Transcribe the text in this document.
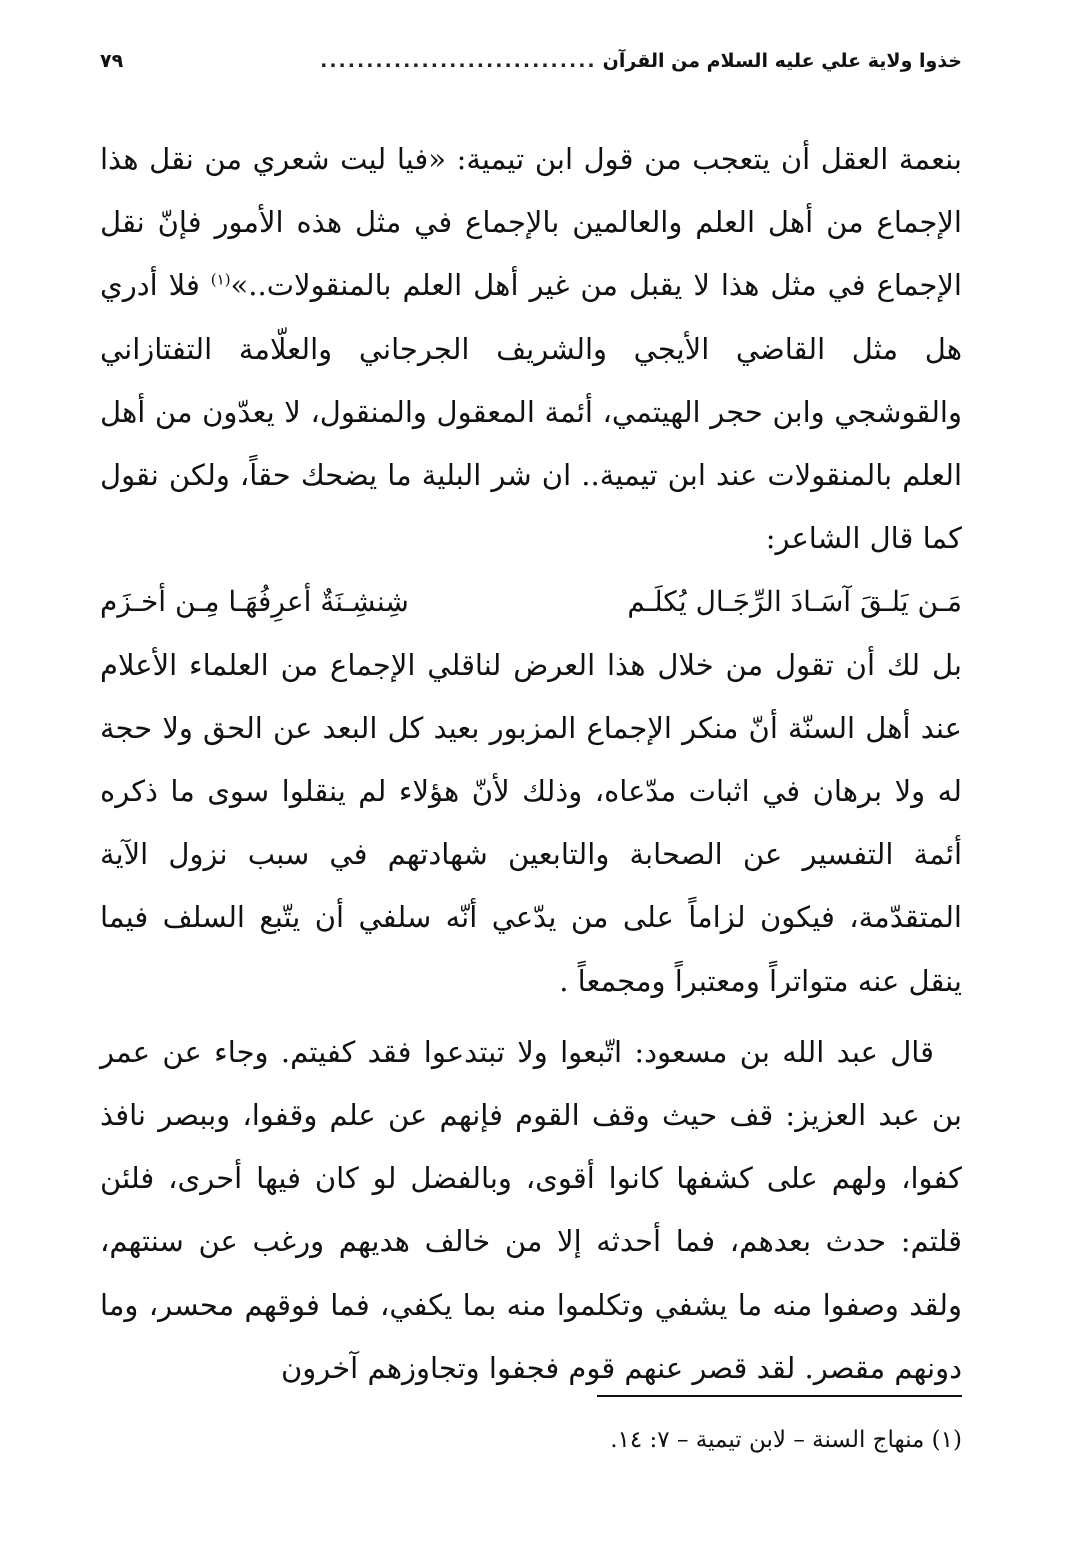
خذوا ولاية علي عليه السلام من القرآن
..............................
٧٩

بنعمة العقل أن يتعجب من قول ابن تيمية: «فيا ليت شعري من نقل هذا الإجماع من أهل العلم والعالمين بالإجماع في مثل هذه الأمور فإنّ نقل الإجماع في مثل هذا لا يقبل من غير أهل العلم بالمنقولات..»$^{(١)}$ فلا أدري هل مثل القاضي الأيجي والشريف الجرجاني والعلّامة التفتازاني والقوشجي وابن حجر الهيتمي، أئمة المعقول والمنقول، لا يعدّون من أهل العلم بالمنقولات عند ابن تيمية.. ان شر البلية ما يضحك حقاً، ولكن نقول كما قال الشاعر:

مَـن يَلـقَ آسَـادَ الرِّجَـال يُكلَـم
شِنشِـنَةٌ أعرِفُهَـا مِـن أخـزَم

بل لك أن تقول من خلال هذا العرض لناقلي الإجماع من العلماء الأعلام عند أهل السنّة أنّ منكر الإجماع المزبور بعيد كل البعد عن الحق ولا حجة له ولا برهان في اثبات مدّعاه، وذلك لأنّ هؤلاء لم ينقلوا سوى ما ذكره أئمة التفسير عن الصحابة والتابعين شهادتهم في سبب نزول الآية المتقدّمة، فيكون لزاماً على من يدّعي أنّه سلفي أن يتّبع السلف فيما ينقل عنه متواتراً ومعتبراً ومجمعاً .

قال عبد الله بن مسعود: اتّبعوا ولا تبتدعوا فقد كفيتم. وجاء عن عمر بن عبد العزيز: قف حيث وقف القوم فإنهم عن علم وقفوا، وببصر نافذ كفوا، ولهم على كشفها كانوا أقوى، وبالفضل لو كان فيها أحرى، فلئن قلتم: حدث بعدهم، فما أحدثه إلا من خالف هديهم ورغب عن سنتهم، ولقد وصفوا منه ما يشفي وتكلموا منه بما يكفي، فما فوقهم محسر، وما دونهم مقصر. لقد قصر عنهم قوم فجفوا وتجاوزهم آخرون

(١) منهاج السنة – لابن تيمية – ٧: ١٤.
